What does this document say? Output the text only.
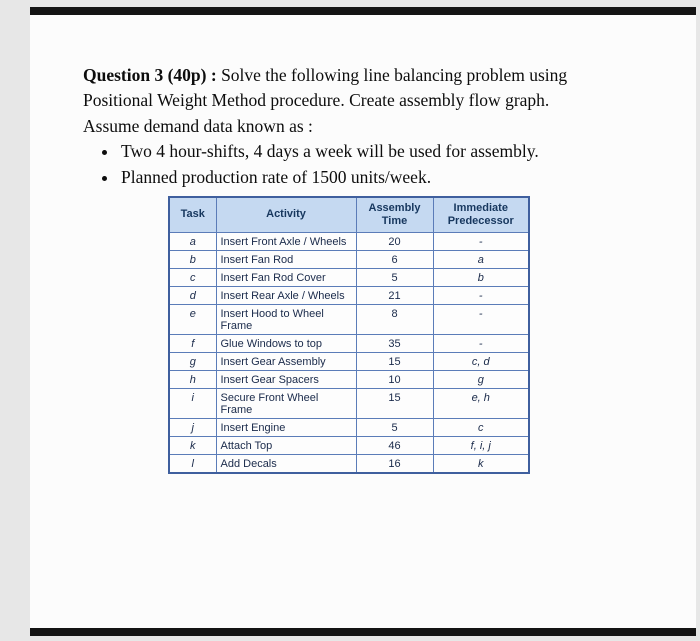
Question 3 (40p) : Solve the following line balancing problem using Positional Weight Method procedure. Create assembly flow graph.

Assume demand data known as :

• Two 4 hour-shifts, 4 days a week will be used for assembly.
• Planned production rate of 1500 units/week.
Task	Activity	Assembly Time	Immediate Predecessor
a	Insert Front Axle / Wheels	20	-
b	Insert Fan Rod	6	a
c	Insert Fan Rod Cover	5	b
d	Insert Rear Axle / Wheels	21	-
e	Insert Hood to Wheel Frame	8	-
f	Glue Windows to top	35	-
g	Insert Gear Assembly	15	c, d
h	Insert Gear Spacers	10	g
i	Secure Front Wheel Frame	15	e, h
j	Insert Engine	5	c
k	Attach Top	46	f, i, j
l	Add Decals	16	k
